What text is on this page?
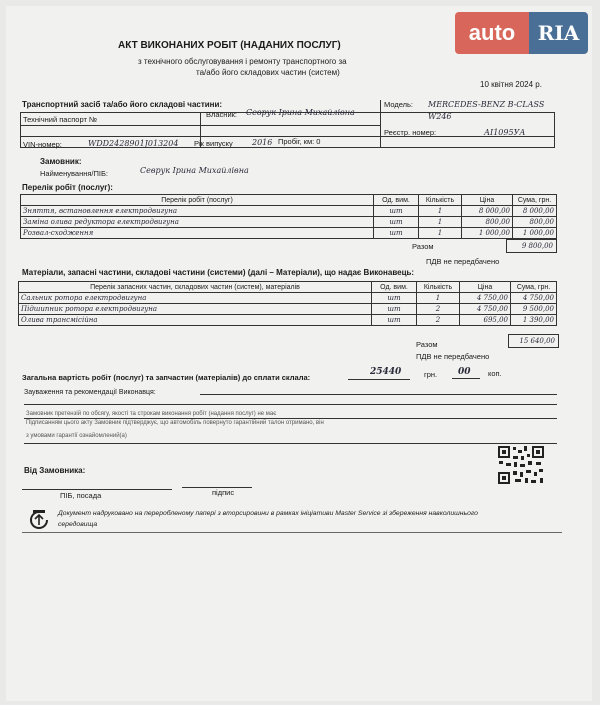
auto	RIA
АКТ ВИКОНАНИХ РОБІТ (НАДАНИХ ПОСЛУГ)
з технічного обслуговування і ремонту транспортного за
та/або його складових частин (систем)
10 квітня 2024 р.
Транспортний засіб та/або його складові частини:
Технічний паспорт №
Власник: Севрук Ірина Михайлівна
Модель: MERCEDES-BENZ B-CLASS W246
VIN-номер:	WDD2428901J013204 Рік випуску 2016 Пробіг, км: 0
Реєстр. номер:	АІ1095УА
Замовник:
Найменування/ПІБ:	Севрук Ірина Михайлівна
Перелік робіт (послуг):
Перелік робіт (послуг)	Од. вим.	Кількість	Ціна	Сума, грн.
Зняття, встановлення електродвигуна	шт	1	8 000,00	8 000,00
Заміна олива редуктора електродвигуна	шт	1	800,00	800,00
Розвал-сходження	шт	1	1 000,00	1 000,00
Разом	9 800,00
ПДВ не передбачено
Матеріали, запасні частини, складові частини (системи) (далі – Матеріали), що надає Виконавець:
Перелік запасних частин, складових частин (систем), матеріалів	Од. вим.	Кількість	Ціна	Сума, грн.
Сальник ротора електродвигуна	шт	1	4 750,00	4 750,00
Підшипник ротора електродвигуна	шт	2	4 750,00	9 500,00
Олива трансмісійна	шт	2	695,00	1 390,00
Разом	15 640,00
ПДВ не передбачено
Загальна вартість робіт (послуг) та запчастин (матеріалів) до сплати склала:
25440	грн. 00 коп.
Зауваження та рекомендації Виконавця:
Замовник претензій по обсягу, якості та строкам виконання робіт (надання послуг) не має
Підписанням цього акту Замовник підтверджує, що автомобіль повернуто гарантійний талон отримано, він
з умовами гарантії ознайомлений(а)
Від Замовника:
ПІБ, посада	підпис
Документ надруковано на переробленому папері з вторсировини в рамках ініціативи Master Service зі збереження навколишнього
середовища
